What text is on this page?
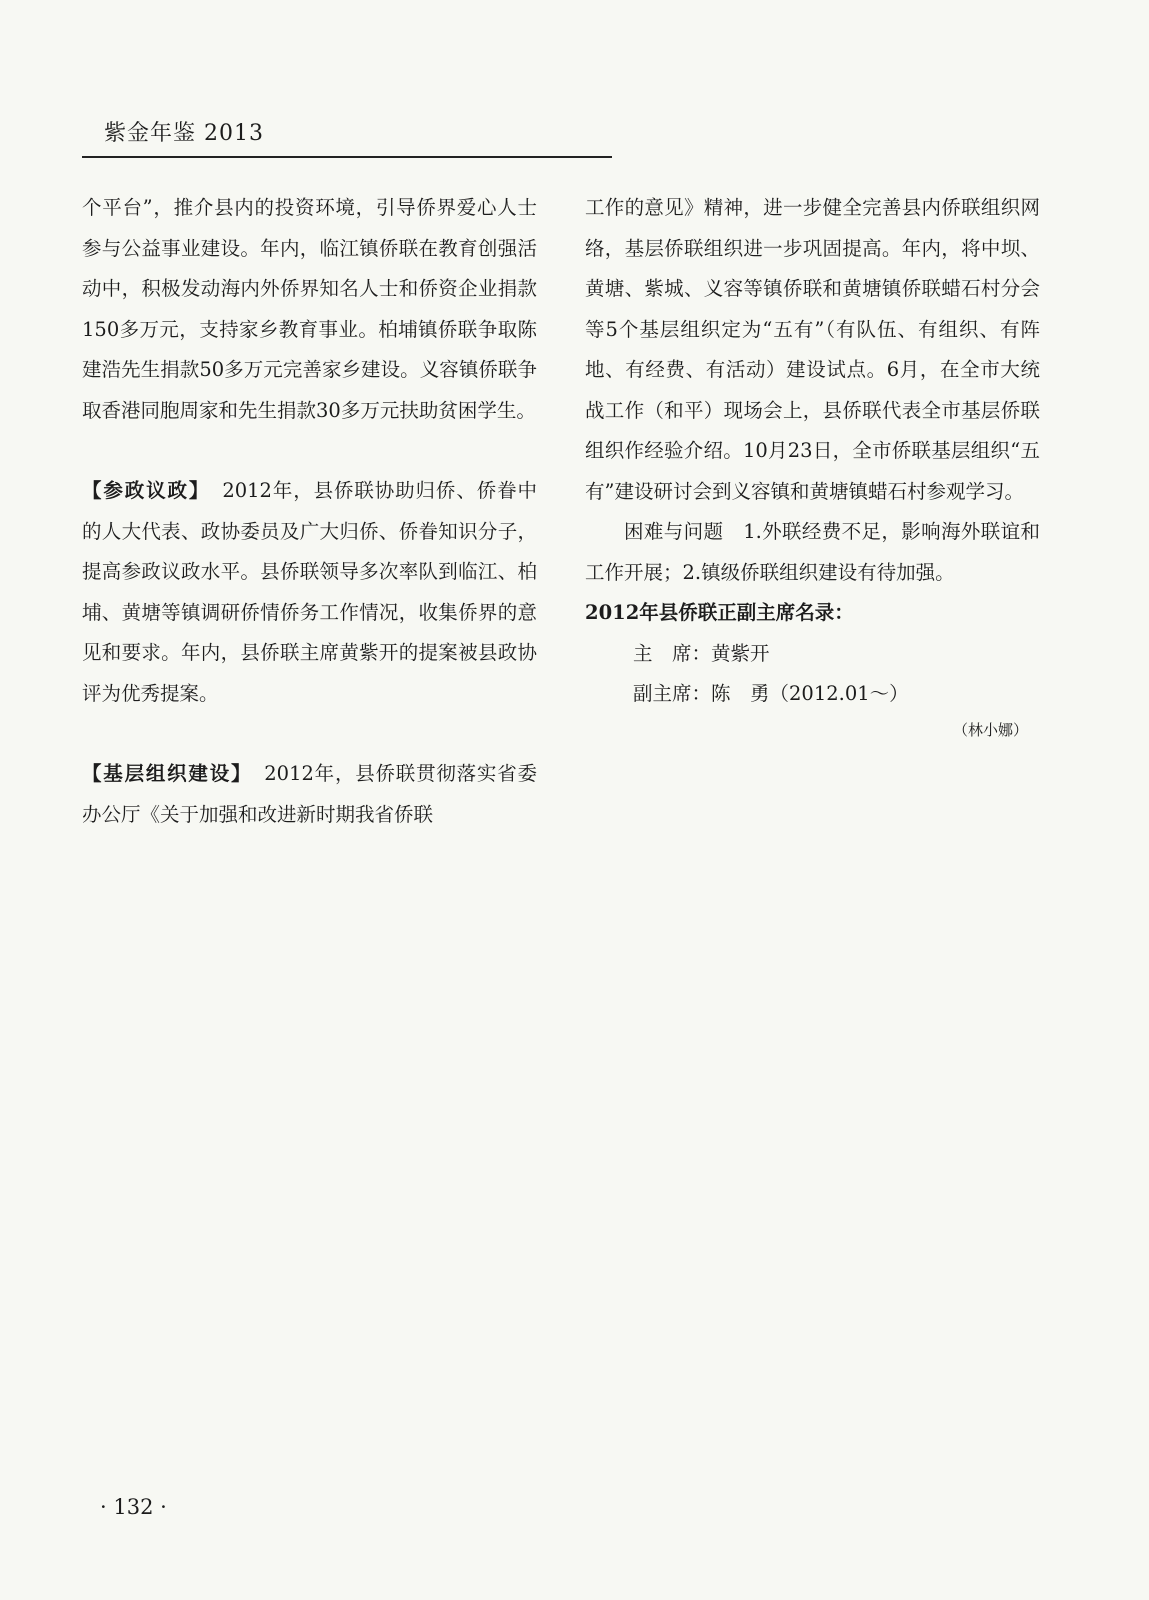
紫金年鉴 2013

个平台”，推介县内的投资环境，引导侨界爱心人士参与公益事业建设。年内，临江镇侨联在教育创强活动中，积极发动海内外侨界知名人士和侨资企业捐款150多万元，支持家乡教育事业。柏埔镇侨联争取陈建浩先生捐款50多万元完善家乡建设。义容镇侨联争取香港同胞周家和先生捐款30多万元扶助贫困学生。

【参政议政】 2012年，县侨联协助归侨、侨眷中的人大代表、政协委员及广大归侨、侨眷知识分子，提高参政议政水平。县侨联领导多次率队到临江、柏埔、黄塘等镇调研侨情侨务工作情况，收集侨界的意见和要求。年内，县侨联主席黄紫开的提案被县政协评为优秀提案。

【基层组织建设】 2012年，县侨联贯彻落实省委办公厅《关于加强和改进新时期我省侨联

工作的意见》精神，进一步健全完善县内侨联组织网络，基层侨联组织进一步巩固提高。年内，将中坝、黄塘、紫城、义容等镇侨联和黄塘镇侨联蜡石村分会等5个基层组织定为“五有”（有队伍、有组织、有阵地、有经费、有活动）建设试点。6月，在全市大统战工作（和平）现场会上，县侨联代表全市基层侨联组织作经验介绍。10月23日，全市侨联基层组织“五有”建设研讨会到义容镇和黄塘镇蜡石村参观学习。

困难与问题　1.外联经费不足，影响海外联谊和工作开展；2.镇级侨联组织建设有待加强。

2012年县侨联正副主席名录：

主　席：黄紫开

副主席：陈　勇（2012.01～）

（林小娜）

· 132 ·
